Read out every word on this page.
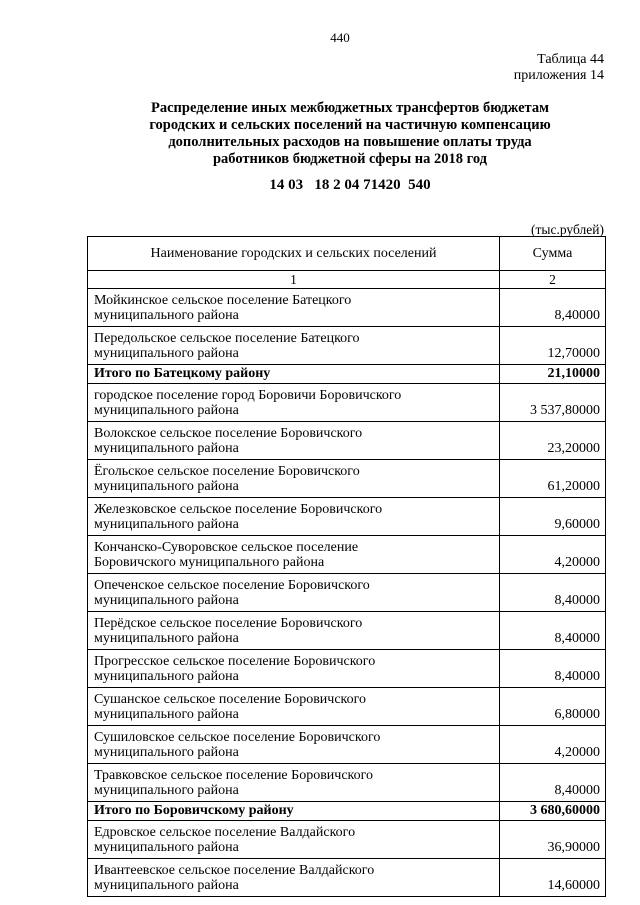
440
Таблица 44
приложения 14
Распределение иных межбюджетных трансфертов бюджетам
городских и сельских поселений на частичную компенсацию
дополнительных расходов на повышение оплаты труда
работников бюджетной сферы на 2018 год
14 03   18 2 04 71420  540
(тыс.рублей)
Наименование городских и сельских поселений	Сумма
1	2

Мойкинское сельское поселение Батецкого
муниципального района	8,40000

Передольское сельское поселение Батецкого
муниципального района	12,70000
Итого по Батецкому району	21,10000

городское поселение город Боровичи Боровичского
муниципального района	3 537,80000

Волокское сельское поселение Боровичского
муниципального района	23,20000

Ёгольское сельское поселение Боровичского
муниципального района	61,20000

Железковское сельское поселение Боровичского
муниципального района	9,60000

Кончанско-Суворовское сельское поселение
Боровичского муниципального района	4,20000

Опеченское сельское поселение Боровичского
муниципального района	8,40000

Перёдское сельское поселение Боровичского
муниципального района	8,40000

Прогресское сельское поселение Боровичского
муниципального района	8,40000

Сушанское сельское поселение Боровичского
муниципального района	6,80000

Сушиловское сельское поселение Боровичского
муниципального района	4,20000

Травковское сельское поселение Боровичского
муниципального района	8,40000
Итого по Боровичскому району	3 680,60000

Едровское сельское поселение Валдайского
муниципального района	36,90000

Ивантеевское сельское поселение Валдайского
муниципального района	14,60000
